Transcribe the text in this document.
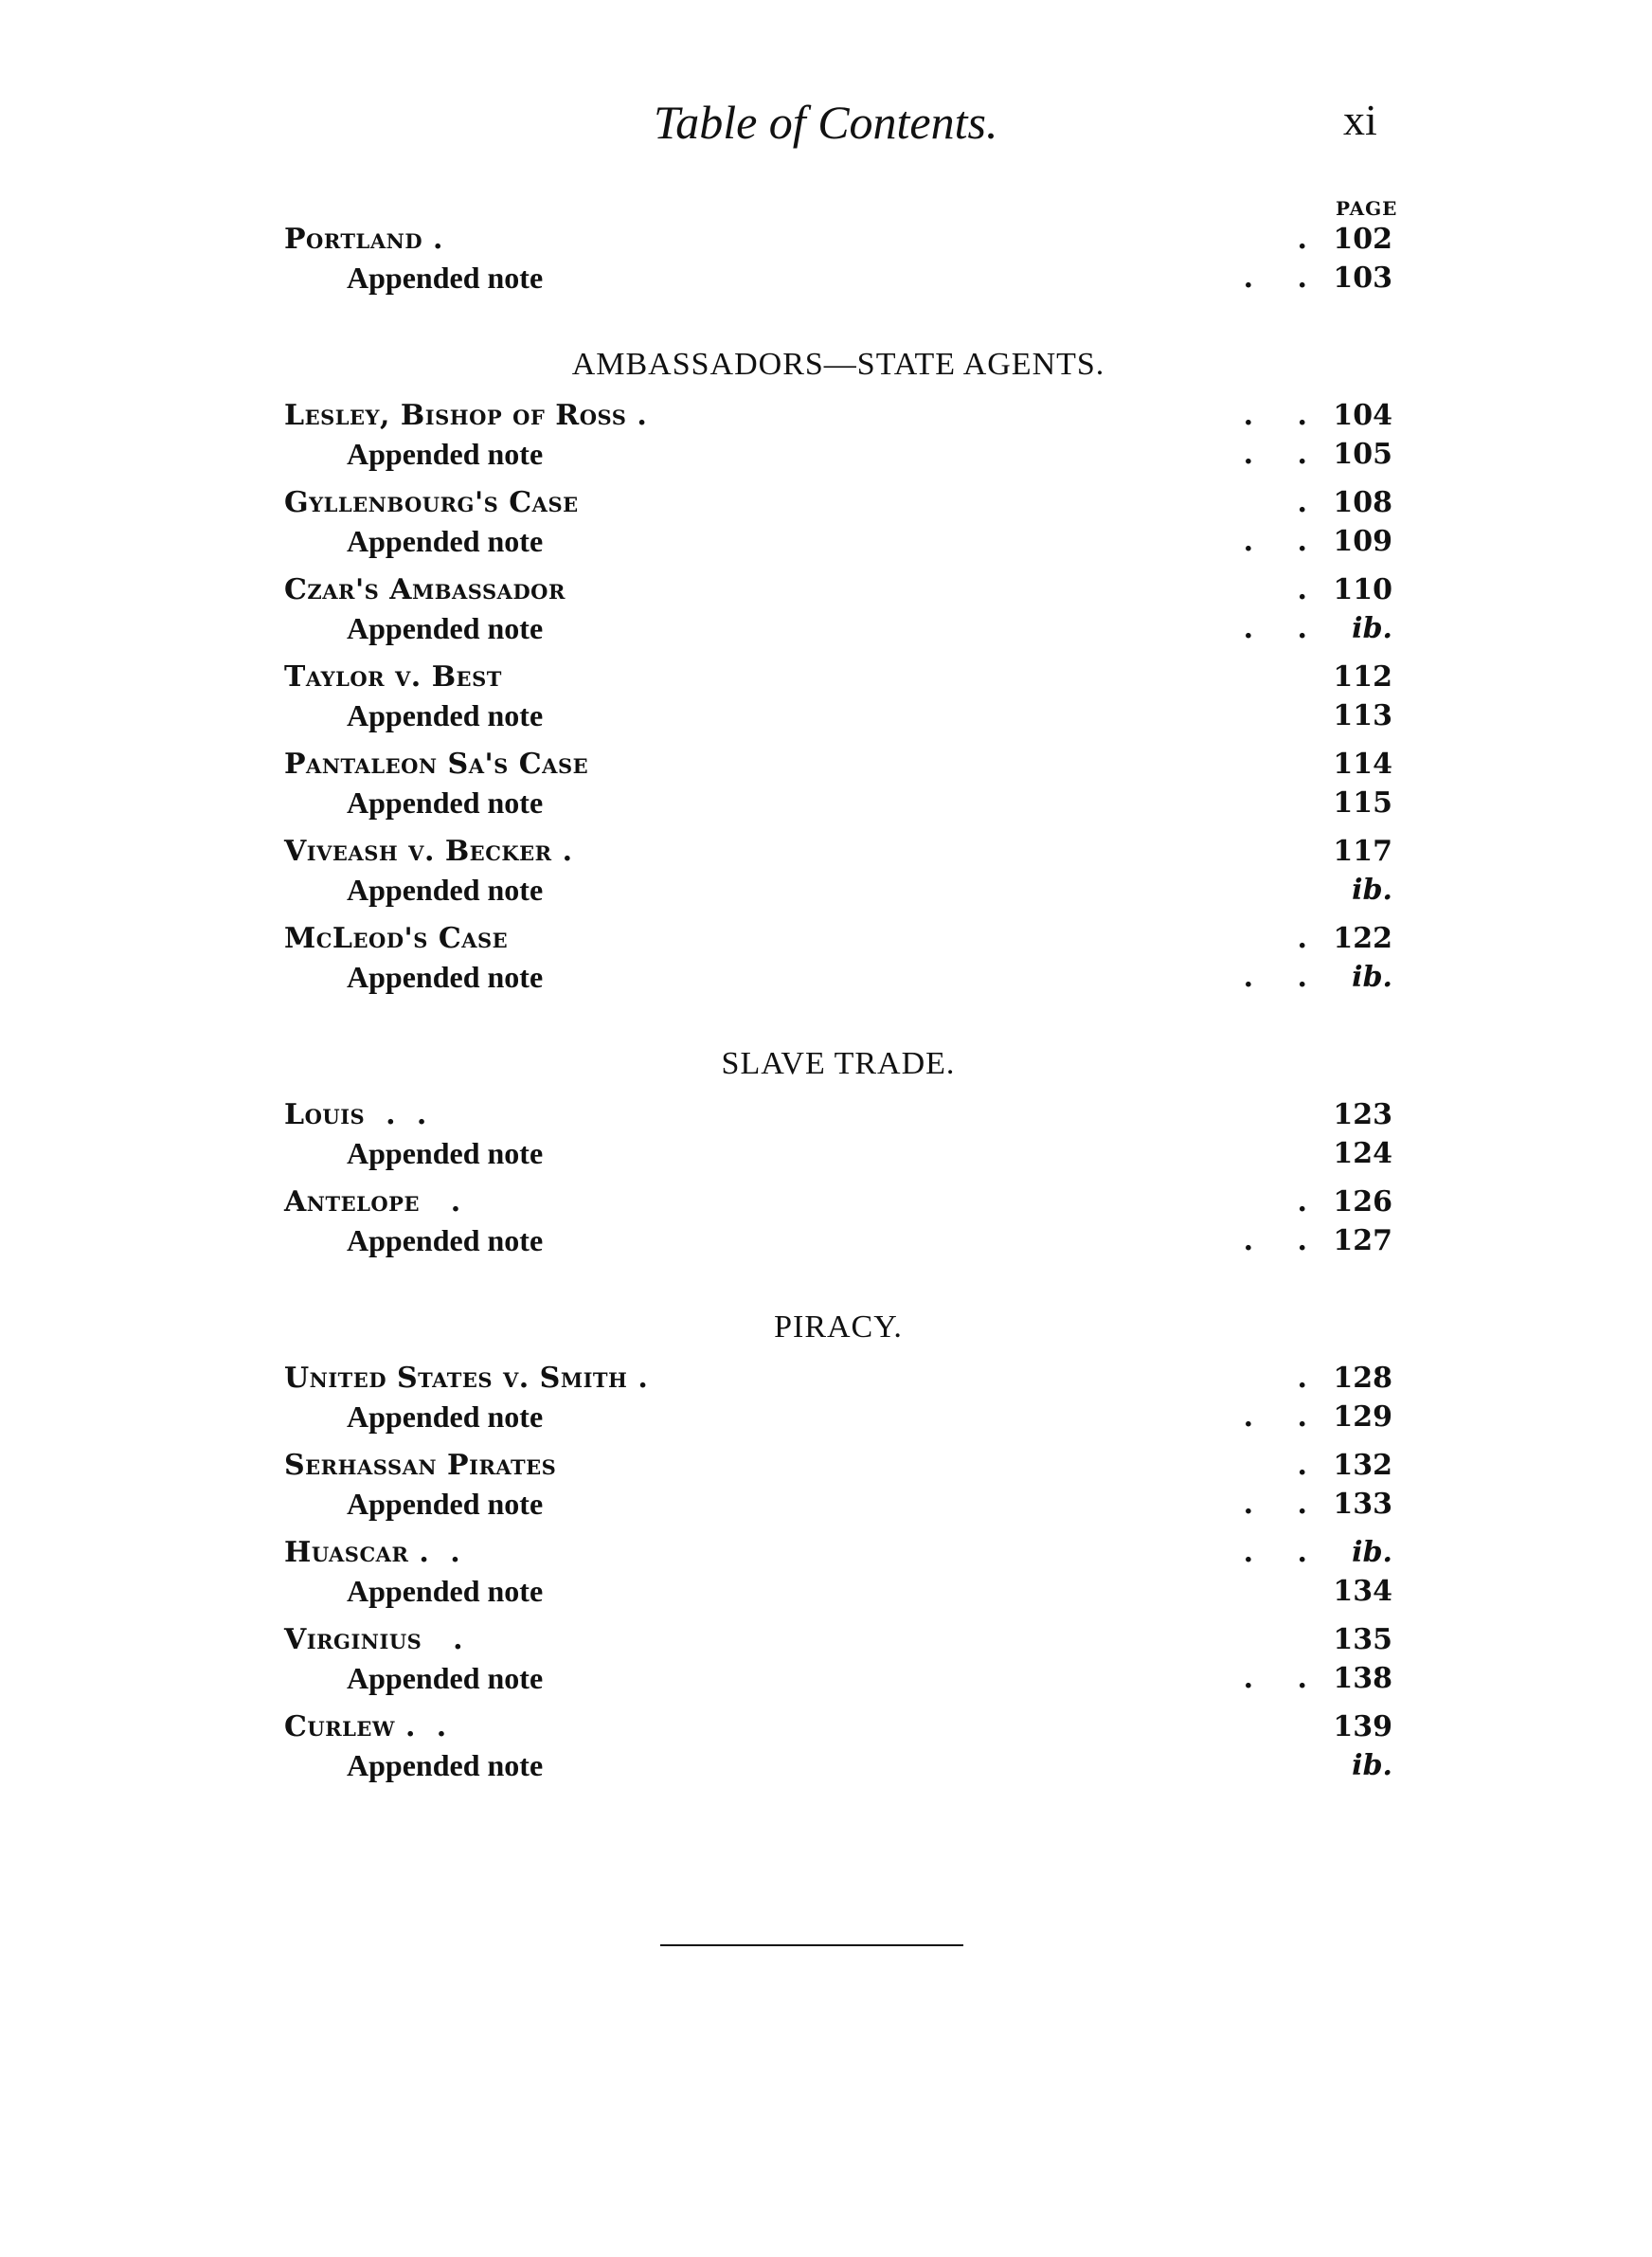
Table of Contents.	xi
PAGE
Portland .	. 102
Appended note	. . 103
AMBASSADORS—STATE AGENTS.
Lesley, Bishop of Ross .	. . 104
Appended note	. . 105
Gyllenbourg's Case	. 108
Appended note	. . 109
Czar's Ambassador	. 110
Appended note	. . ib.
Taylor v. Best	112
Appended note	113
Pantaleon Sa's Case	114
Appended note	115
Viveash v. Becker .	117
Appended note	ib.
McLeod's Case	. 122
Appended note	. . ib.
SLAVE TRADE.
Louis  .  .	123
Appended note	124
Antelope   .	. 126
Appended note	. . 127
PIRACY.
United States v. Smith .	. 128
Appended note	. . 129
Serhassan Pirates	. 132
Appended note	. . 133
Huascar .  .	. . ib.
Appended note	134
Virginius   .	135
Appended note	. . 138
Curlew .  .	139
Appended note	ib.
